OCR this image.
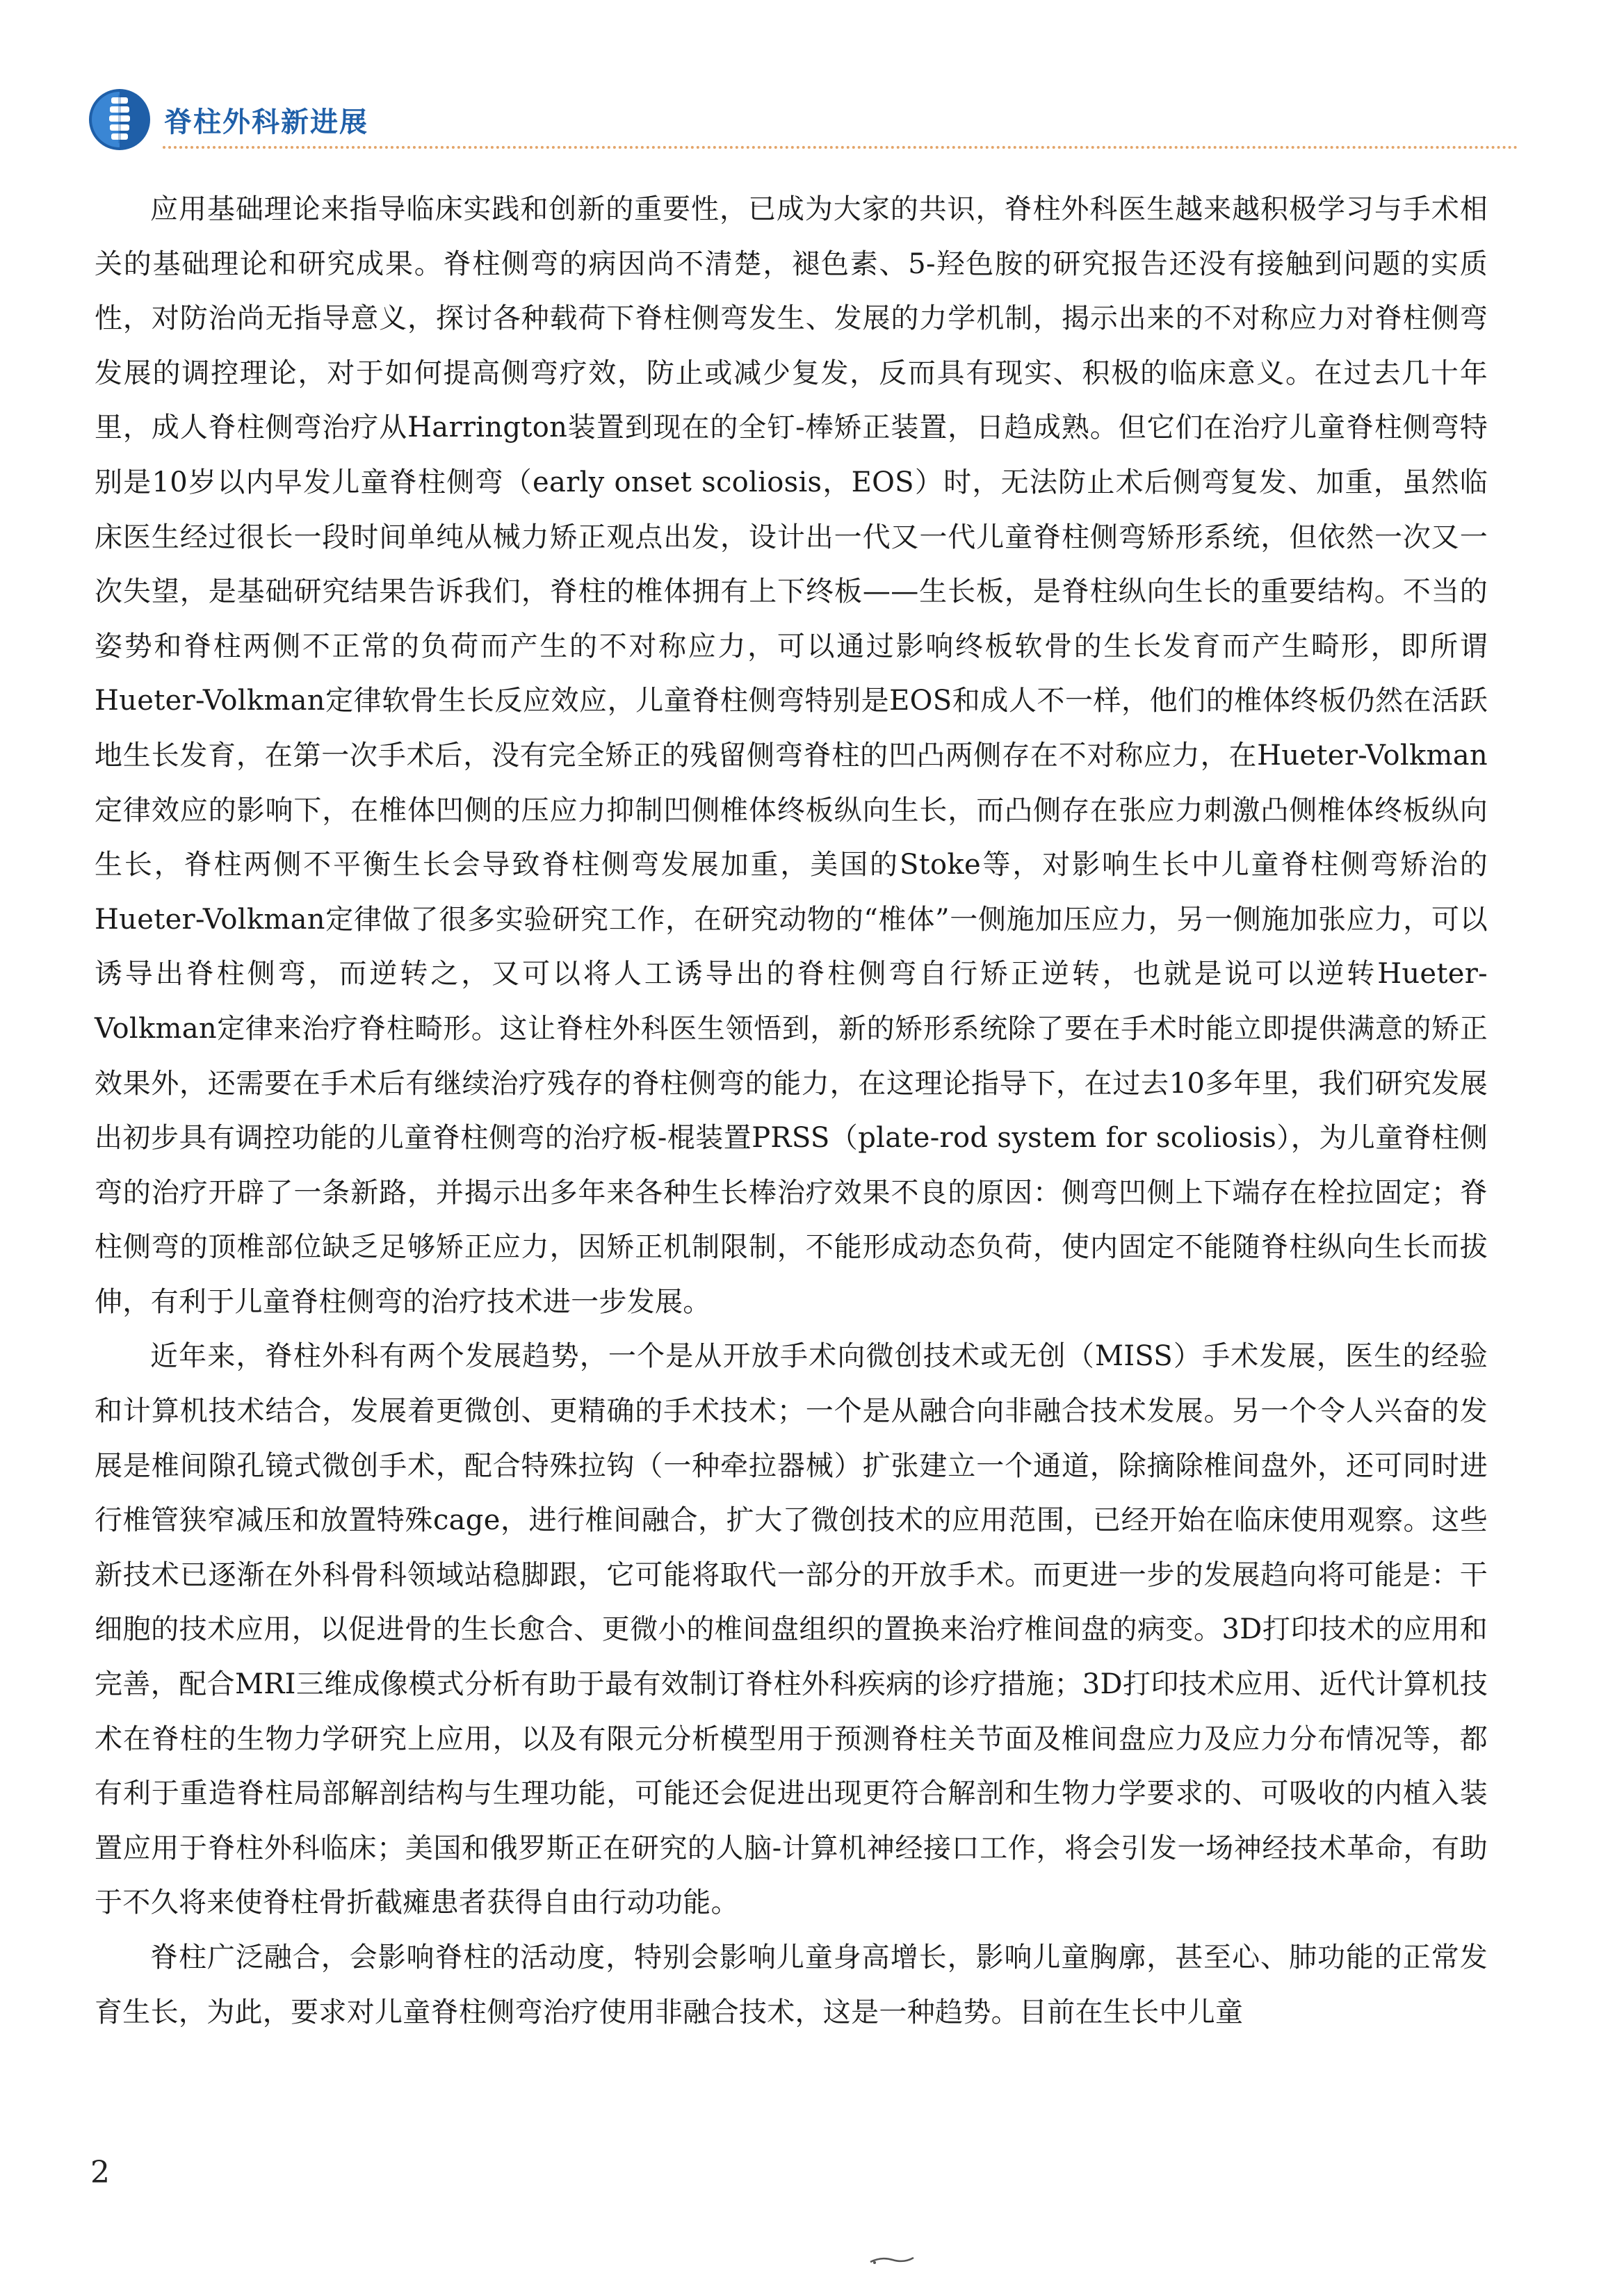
脊柱外科新进展

应用基础理论来指导临床实践和创新的重要性，已成为大家的共识，脊柱外科医生越来越积极学习与手术相关的基础理论和研究成果。脊柱侧弯的病因尚不清楚，褪色素、5-羟色胺的研究报告还没有接触到问题的实质性，对防治尚无指导意义，探讨各种载荷下脊柱侧弯发生、发展的力学机制，揭示出来的不对称应力对脊柱侧弯发展的调控理论，对于如何提高侧弯疗效，防止或减少复发，反而具有现实、积极的临床意义。在过去几十年里，成人脊柱侧弯治疗从Harrington装置到现在的全钉-棒矫正装置，日趋成熟。但它们在治疗儿童脊柱侧弯特别是10岁以内早发儿童脊柱侧弯（early onset scoliosis，EOS）时，无法防止术后侧弯复发、加重，虽然临床医生经过很长一段时间单纯从械力矫正观点出发，设计出一代又一代儿童脊柱侧弯矫形系统，但依然一次又一次失望，是基础研究结果告诉我们，脊柱的椎体拥有上下终板——生长板，是脊柱纵向生长的重要结构。不当的姿势和脊柱两侧不正常的负荷而产生的不对称应力，可以通过影响终板软骨的生长发育而产生畸形，即所谓Hueter-Volkman定律软骨生长反应效应，儿童脊柱侧弯特别是EOS和成人不一样，他们的椎体终板仍然在活跃地生长发育，在第一次手术后，没有完全矫正的残留侧弯脊柱的凹凸两侧存在不对称应力，在Hueter-Volkman定律效应的影响下，在椎体凹侧的压应力抑制凹侧椎体终板纵向生长，而凸侧存在张应力刺激凸侧椎体终板纵向生长，脊柱两侧不平衡生长会导致脊柱侧弯发展加重，美国的Stoke等，对影响生长中儿童脊柱侧弯矫治的Hueter-Volkman定律做了很多实验研究工作，在研究动物的“椎体”一侧施加压应力，另一侧施加张应力，可以诱导出脊柱侧弯，而逆转之，又可以将人工诱导出的脊柱侧弯自行矫正逆转，也就是说可以逆转Hueter-Volkman定律来治疗脊柱畸形。这让脊柱外科医生领悟到，新的矫形系统除了要在手术时能立即提供满意的矫正效果外，还需要在手术后有继续治疗残存的脊柱侧弯的能力，在这理论指导下，在过去10多年里，我们研究发展出初步具有调控功能的儿童脊柱侧弯的治疗板-棍装置PRSS（plate-rod system for scoliosis），为儿童脊柱侧弯的治疗开辟了一条新路，并揭示出多年来各种生长棒治疗效果不良的原因：侧弯凹侧上下端存在栓拉固定；脊柱侧弯的顶椎部位缺乏足够矫正应力，因矫正机制限制，不能形成动态负荷，使内固定不能随脊柱纵向生长而拔伸，有利于儿童脊柱侧弯的治疗技术进一步发展。

近年来，脊柱外科有两个发展趋势，一个是从开放手术向微创技术或无创（MISS）手术发展，医生的经验和计算机技术结合，发展着更微创、更精确的手术技术；一个是从融合向非融合技术发展。另一个令人兴奋的发展是椎间隙孔镜式微创手术，配合特殊拉钩（一种牵拉器械）扩张建立一个通道，除摘除椎间盘外，还可同时进行椎管狭窄减压和放置特殊cage，进行椎间融合，扩大了微创技术的应用范围，已经开始在临床使用观察。这些新技术已逐渐在外科骨科领域站稳脚跟，它可能将取代一部分的开放手术。而更进一步的发展趋向将可能是：干细胞的技术应用，以促进骨的生长愈合、更微小的椎间盘组织的置换来治疗椎间盘的病变。3D打印技术的应用和完善，配合MRI三维成像模式分析有助于最有效制订脊柱外科疾病的诊疗措施；3D打印技术应用、近代计算机技术在脊柱的生物力学研究上应用，以及有限元分析模型用于预测脊柱关节面及椎间盘应力及应力分布情况等，都有利于重造脊柱局部解剖结构与生理功能，可能还会促进出现更符合解剖和生物力学要求的、可吸收的内植入装置应用于脊柱外科临床；美国和俄罗斯正在研究的人脑-计算机神经接口工作，将会引发一场神经技术革命，有助于不久将来使脊柱骨折截瘫患者获得自由行动功能。

脊柱广泛融合，会影响脊柱的活动度，特别会影响儿童身高增长，影响儿童胸廓，甚至心、肺功能的正常发育生长，为此，要求对儿童脊柱侧弯治疗使用非融合技术，这是一种趋势。目前在生长中儿童

2
